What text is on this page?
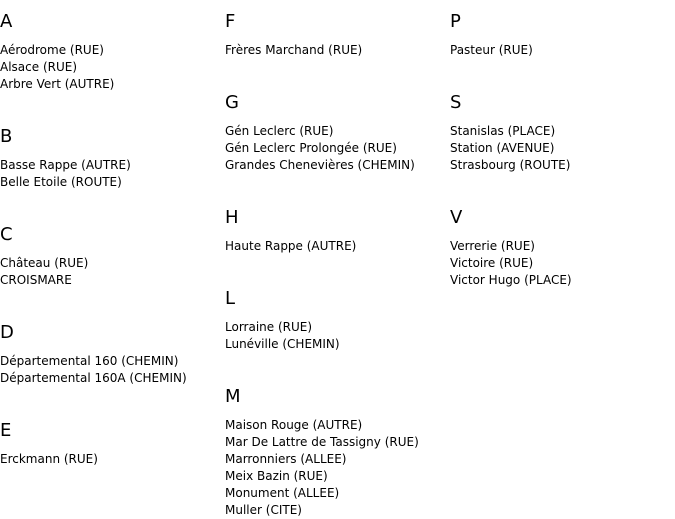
A
Aérodrome (RUE)
Alsace (RUE)
Arbre Vert (AUTRE)
B
Basse Rappe (AUTRE)
Belle Etoile (ROUTE)
C
Château (RUE)
CROISMARE
D
Départemental 160 (CHEMIN)
Départemental 160A (CHEMIN)
E
Erckmann (RUE)
F
Frères Marchand (RUE)
G
Gén Leclerc (RUE)
Gén Leclerc Prolongée (RUE)
Grandes Chenevières (CHEMIN)
H
Haute Rappe (AUTRE)
L
Lorraine (RUE)
Lunéville (CHEMIN)
M
Maison Rouge (AUTRE)
Mar De Lattre de Tassigny (RUE)
Marronniers (ALLEE)
Meix Bazin (RUE)
Monument (ALLEE)
Muller (CITE)
P
Pasteur (RUE)
S
Stanislas (PLACE)
Station (AVENUE)
Strasbourg (ROUTE)
V
Verrerie (RUE)
Victoire (RUE)
Victor Hugo (PLACE)
